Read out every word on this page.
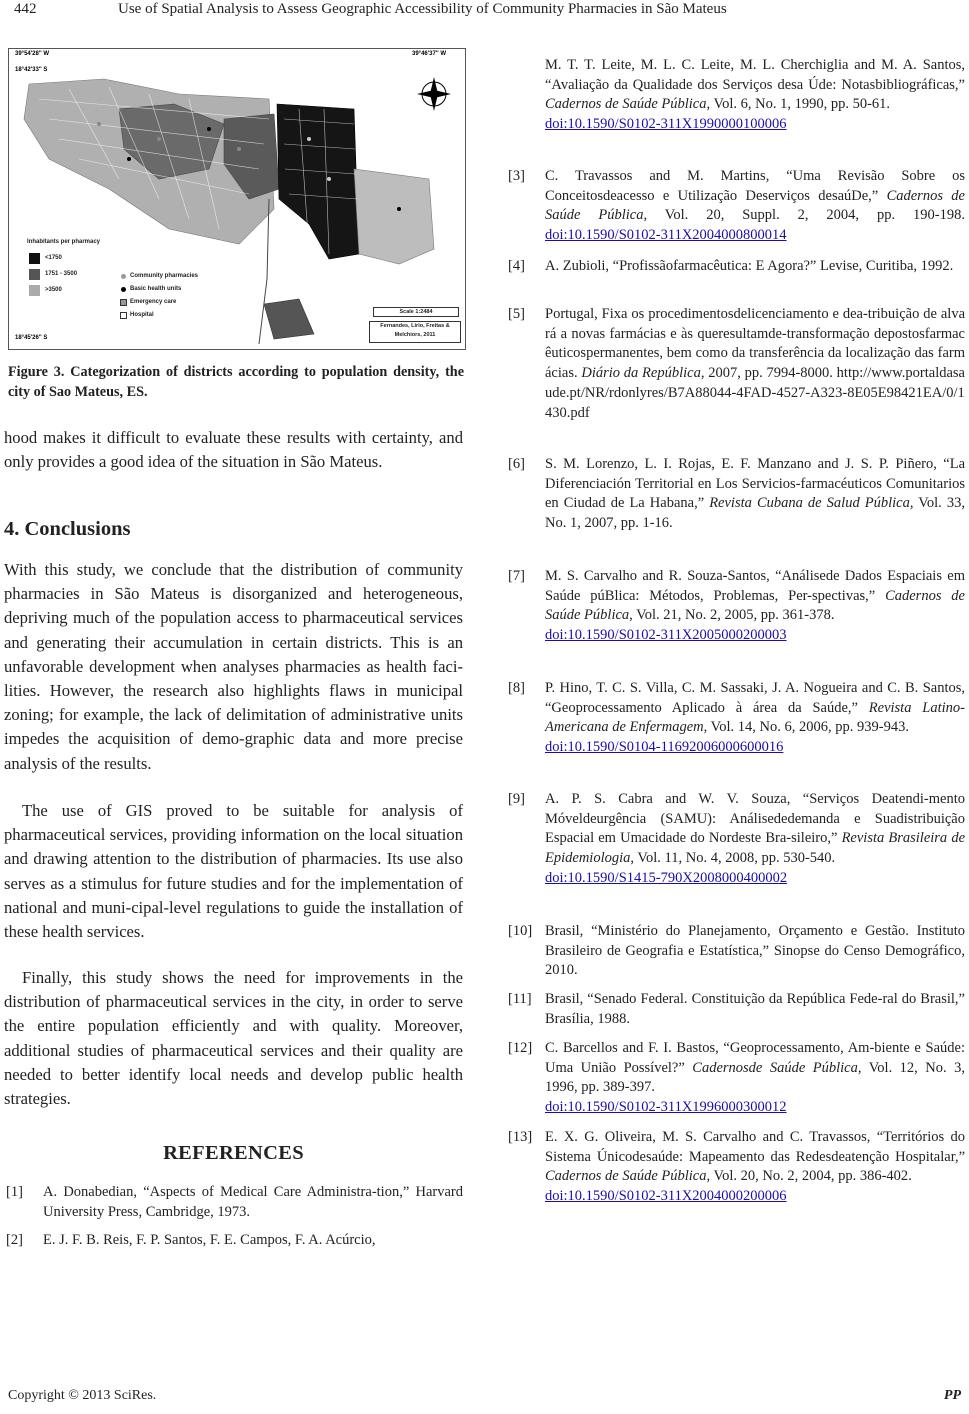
442	Use of Spatial Analysis to Assess Geographic Accessibility of Community Pharmacies in São Mateus
39°54'28" W	39°46'37" W
18°42'33" S
18°45'26" S
Inhabitants per pharmacy
<1750
1751 - 3500
>3500
Community pharmacies
Basic health units
Emergency care
Hospital	Scale 1:2484
Fernandes, Lirio, Freitas &
Melchiors, 2011
Figure 3. Categorization of districts according to population density, the city of Sao Mateus, ES.

hood makes it difficult to evaluate these results with certainty, and only provides a good idea of the situation in São Mateus.

4. Conclusions

With this study, we conclude that the distribution of community pharmacies in São Mateus is disorganized and heterogeneous, depriving much of the population access to pharmaceutical services and generating their accumulation in certain districts. This is an unfavorable development when analyses pharmacies as health faci-lities. However, the research also highlights flaws in municipal zoning; for example, the lack of delimitation of administrative units impedes the acquisition of demo-graphic data and more precise analysis of the results.

The use of GIS proved to be suitable for analysis of pharmaceutical services, providing information on the local situation and drawing attention to the distribution of pharmacies. Its use also serves as a stimulus for future studies and for the implementation of national and muni-cipal-level regulations to guide the installation of these health services.

Finally, this study shows the need for improvements in the distribution of pharmaceutical services in the city, in order to serve the entire population efficiently and with quality. Moreover, additional studies of pharmaceutical services and their quality are needed to better identify local needs and develop public health strategies.

REFERENCES
[1] A. Donabedian, “Aspects of Medical Care Administra-tion,” Harvard University Press, Cambridge, 1973.
[2] E. J. F. B. Reis, F. P. Santos, F. E. Campos, F. A. Acúrcio,
M. T. T. Leite, M. L. C. Leite, M. L. Cherchiglia and M. A. Santos, “Avaliação da Qualidade dos Serviços desa Úde: Notasbibliográficas,” Cadernos de Saúde Pública, Vol. 6, No. 1, 1990, pp. 50-61.
doi:10.1590/S0102-311X1990000100006
[3] C. Travassos and M. Martins, “Uma Revisão Sobre os Conceitosdeacesso e Utilização Deserviços desaúDe,” Cadernos de Saúde Pública, Vol. 20, Suppl. 2, 2004, pp. 190-198. doi:10.1590/S0102-311X2004000800014
[4] A. Zubioli, “Profissãofarmacêutica: E Agora?” Levise, Curitiba, 1992.
[5] Portugal, Fixa os procedimentosdelicenciamento e dea-tribuição de alvará a novas farmácias e às queresultamde-transformação depostosfarmacêuticospermanentes, bem como da transferência da localização das farmácias. Diário da República, 2007, pp. 7994-8000. http://www.portaldasaude.pt/NR/rdonlyres/B7A88044-4FAD-4527-A323-8E05E98421EA/0/1430.pdf
[6] S. M. Lorenzo, L. I. Rojas, E. F. Manzano and J. S. P. Piñero, “La Diferenciación Territorial en Los Servicios-farmacéuticos Comunitarios en Ciudad de La Habana,” Revista Cubana de Salud Pública, Vol. 33, No. 1, 2007, pp. 1-16.
[7] M. S. Carvalho and R. Souza-Santos, “Análisede Dados Espaciais em Saúde púBlica: Métodos, Problemas, Per-spectivas,” Cadernos de Saúde Pública, Vol. 21, No. 2, 2005, pp. 361-378.
doi:10.1590/S0102-311X2005000200003
[8] P. Hino, T. C. S. Villa, C. M. Sassaki, J. A. Nogueira and C. B. Santos, “Geoprocessamento Aplicado à área da Saúde,” Revista Latino-Americana de Enfermagem, Vol. 14, No. 6, 2006, pp. 939-943.
doi:10.1590/S0104-11692006000600016
[9] A. P. S. Cabra and W. V. Souza, “Serviços Deatendi-mento Móveldeurgência (SAMU): Análisededemanda e Suadistribuição Espacial em Umacidade do Nordeste Bra-sileiro,” Revista Brasileira de Epidemiologia, Vol. 11, No. 4, 2008, pp. 530-540.
doi:10.1590/S1415-790X2008000400002
[10] Brasil, “Ministério do Planejamento, Orçamento e Gestão. Instituto Brasileiro de Geografia e Estatística,” Sinopse do Censo Demográfico, 2010.
[11] Brasil, “Senado Federal. Constituição da República Fede-ral do Brasil,” Brasília, 1988.
[12] C. Barcellos and F. I. Bastos, “Geoprocessamento, Am-biente e Saúde: Uma União Possível?” Cadernosde Saúde Pública, Vol. 12, No. 3, 1996, pp. 389-397.
doi:10.1590/S0102-311X1996000300012
[13] E. X. G. Oliveira, M. S. Carvalho and C. Travassos, “Territórios do Sistema Únicodesaúde: Mapeamento das Redesdeatenção Hospitalar,” Cadernos de Saúde Pública, Vol. 20, No. 2, 2004, pp. 386-402.
doi:10.1590/S0102-311X2004000200006
Copyright © 2013 SciRes.	PP
